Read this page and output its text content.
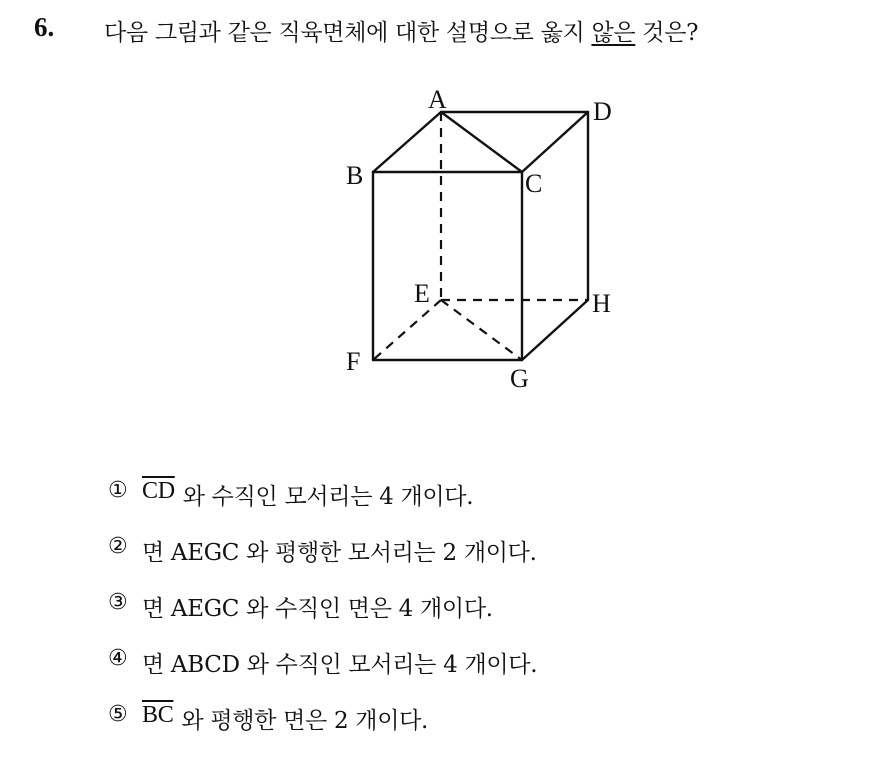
6. 다음 그림과 같은 직육면체에 대한 설명으로 옳지 않은 것은?
A	D
B	C
E	H
F
G
① $\overline{CD}$ 와 수직인 모서리는 4 개이다.
② 면 AEGC 와 평행한 모서리는 2 개이다.
③ 면 AEGC 와 수직인 면은 4 개이다.
④ 면 ABCD 와 수직인 모서리는 4 개이다.
⑤ $\overline{BC}$ 와 평행한 면은 2 개이다.
